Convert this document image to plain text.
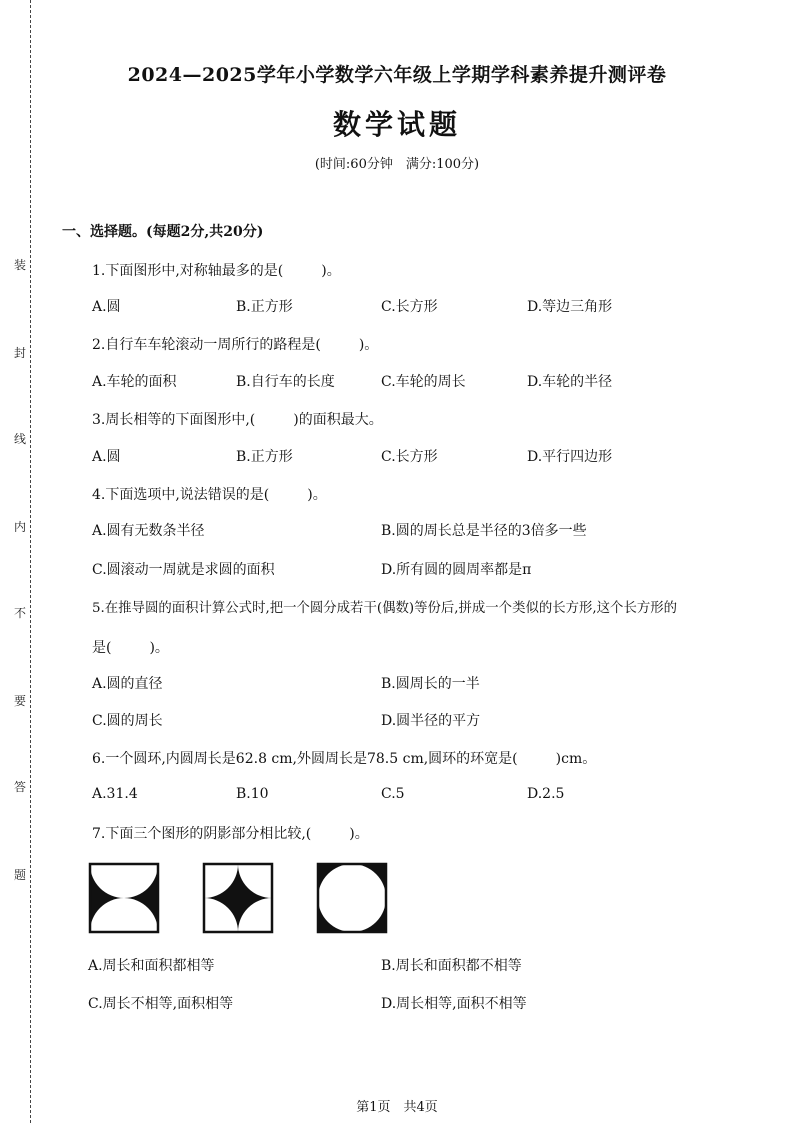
装
封
线
内
不
要
答
题
2024—2025学年小学数学六年级上学期学科素养提升测评卷
数学试题
(时间:60分钟　满分:100分)
一、选择题。(每题2分,共20分)
1.下面图形中,对称轴最多的是(	)。
A.圆	B.正方形	C.长方形	D.等边三角形
2.自行车车轮滚动一周所行的路程是(	)。
A.车轮的面积	B.自行车的长度	C.车轮的周长	D.车轮的半径
3.周长相等的下面图形中,(	)的面积最大。
A.圆	B.正方形	C.长方形	D.平行四边形
4.下面选项中,说法错误的是(	)。
A.圆有无数条半径	B.圆的周长总是半径的3倍多一些
C.圆滚动一周就是求圆的面积	D.所有圆的圆周率都是π
5.在推导圆的面积计算公式时,把一个圆分成若干(偶数)等份后,拼成一个类似的长方形,这个长方形的
是(	)。
A.圆的直径	B.圆周长的一半
C.圆的周长	D.圆半径的平方
6.一个圆环,内圆周长是62.8 cm,外圆周长是78.5 cm,圆环的环宽是(	)cm。
A.31.4	B.10	C.5	D.2.5
7.下面三个图形的阴影部分相比较,(	)。
A.周长和面积都相等	B.周长和面积都不相等
C.周长不相等,面积相等	D.周长相等,面积不相等
第1页　共4页
